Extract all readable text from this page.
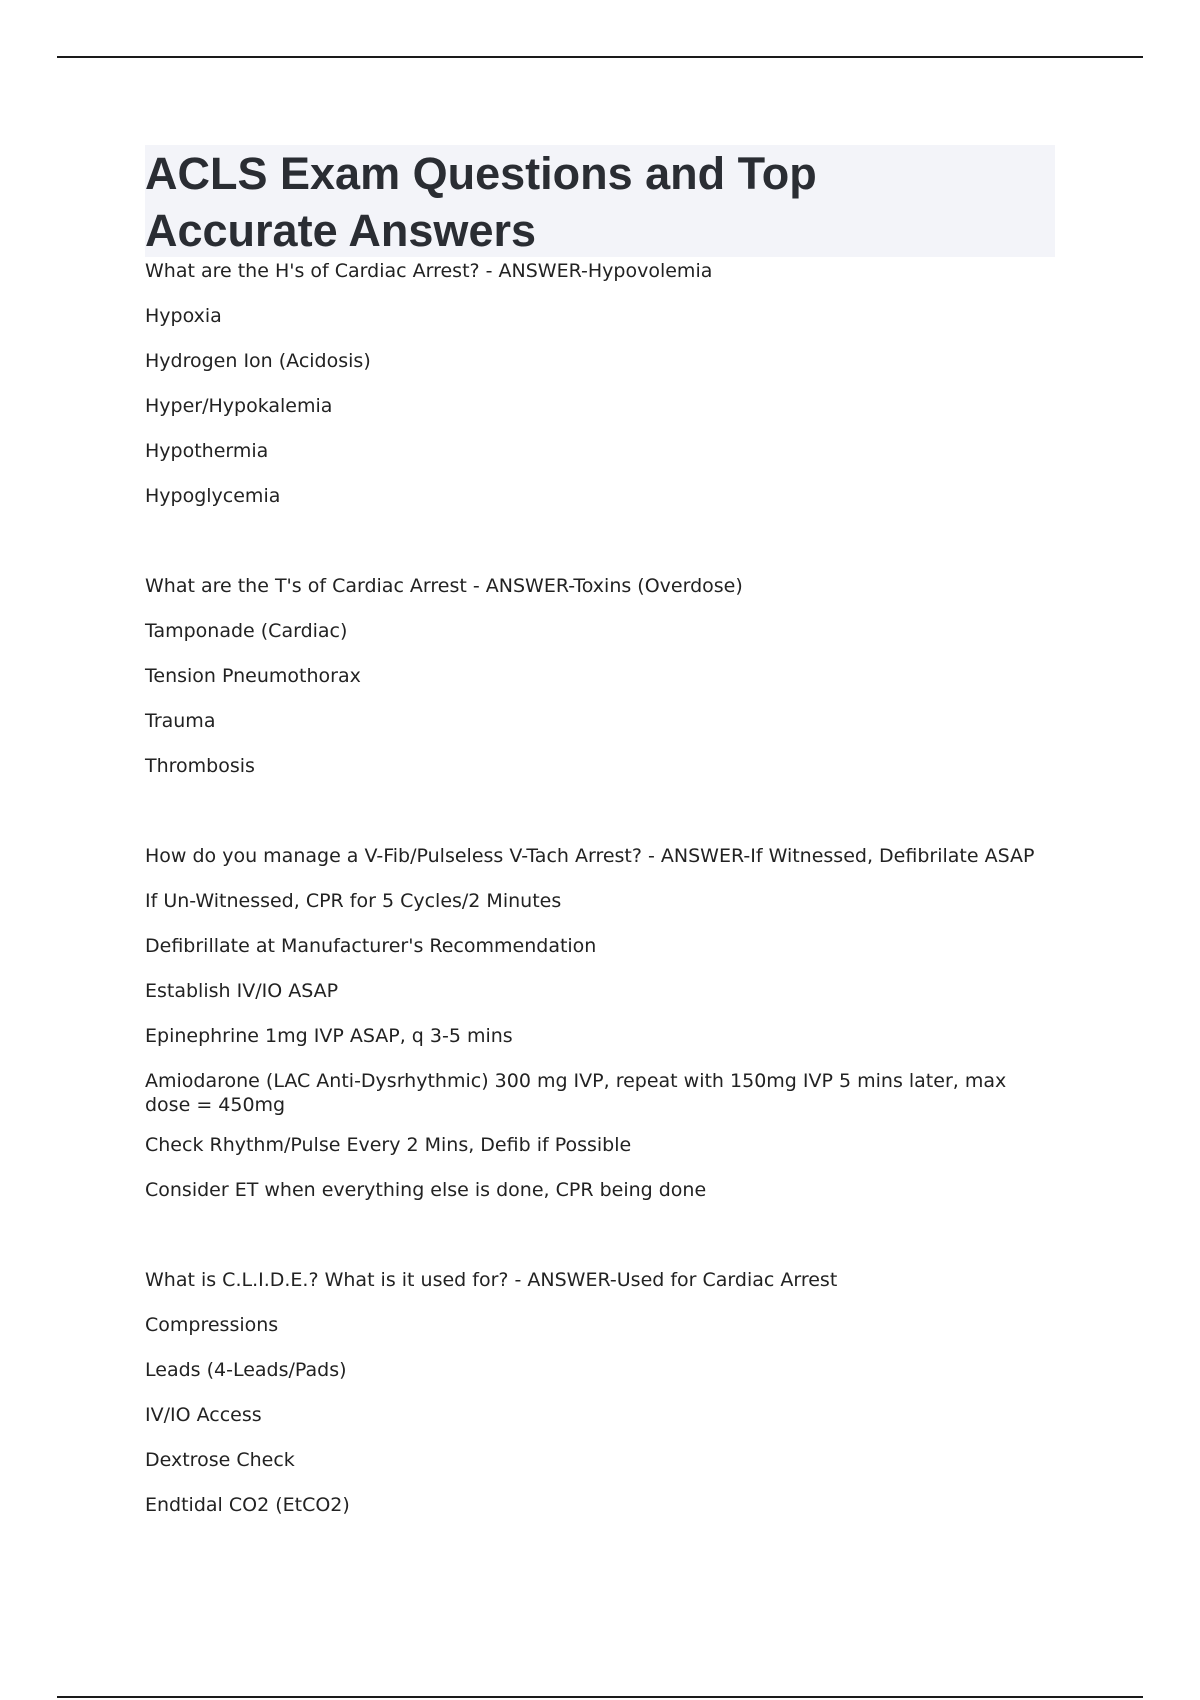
ACLS Exam Questions and Top Accurate Answers

What are the H's of Cardiac Arrest? - ANSWER-Hypovolemia

Hypoxia

Hydrogen Ion (Acidosis)

Hyper/Hypokalemia

Hypothermia

Hypoglycemia

What are the T's of Cardiac Arrest - ANSWER-Toxins (Overdose)

Tamponade (Cardiac)

Tension Pneumothorax

Trauma

Thrombosis

How do you manage a V-Fib/Pulseless V-Tach Arrest? - ANSWER-If Witnessed, Defibrilate ASAP

If Un-Witnessed, CPR for 5 Cycles/2 Minutes

Defibrillate at Manufacturer's Recommendation

Establish IV/IO ASAP

Epinephrine 1mg IVP ASAP, q 3-5 mins

Amiodarone (LAC Anti-Dysrhythmic) 300 mg IVP, repeat with 150mg IVP 5 mins later, max dose = 450mg

Check Rhythm/Pulse Every 2 Mins, Defib if Possible

Consider ET when everything else is done, CPR being done

What is C.L.I.D.E.? What is it used for? - ANSWER-Used for Cardiac Arrest

Compressions

Leads (4-Leads/Pads)

IV/IO Access

Dextrose Check

Endtidal CO2 (EtCO2)
